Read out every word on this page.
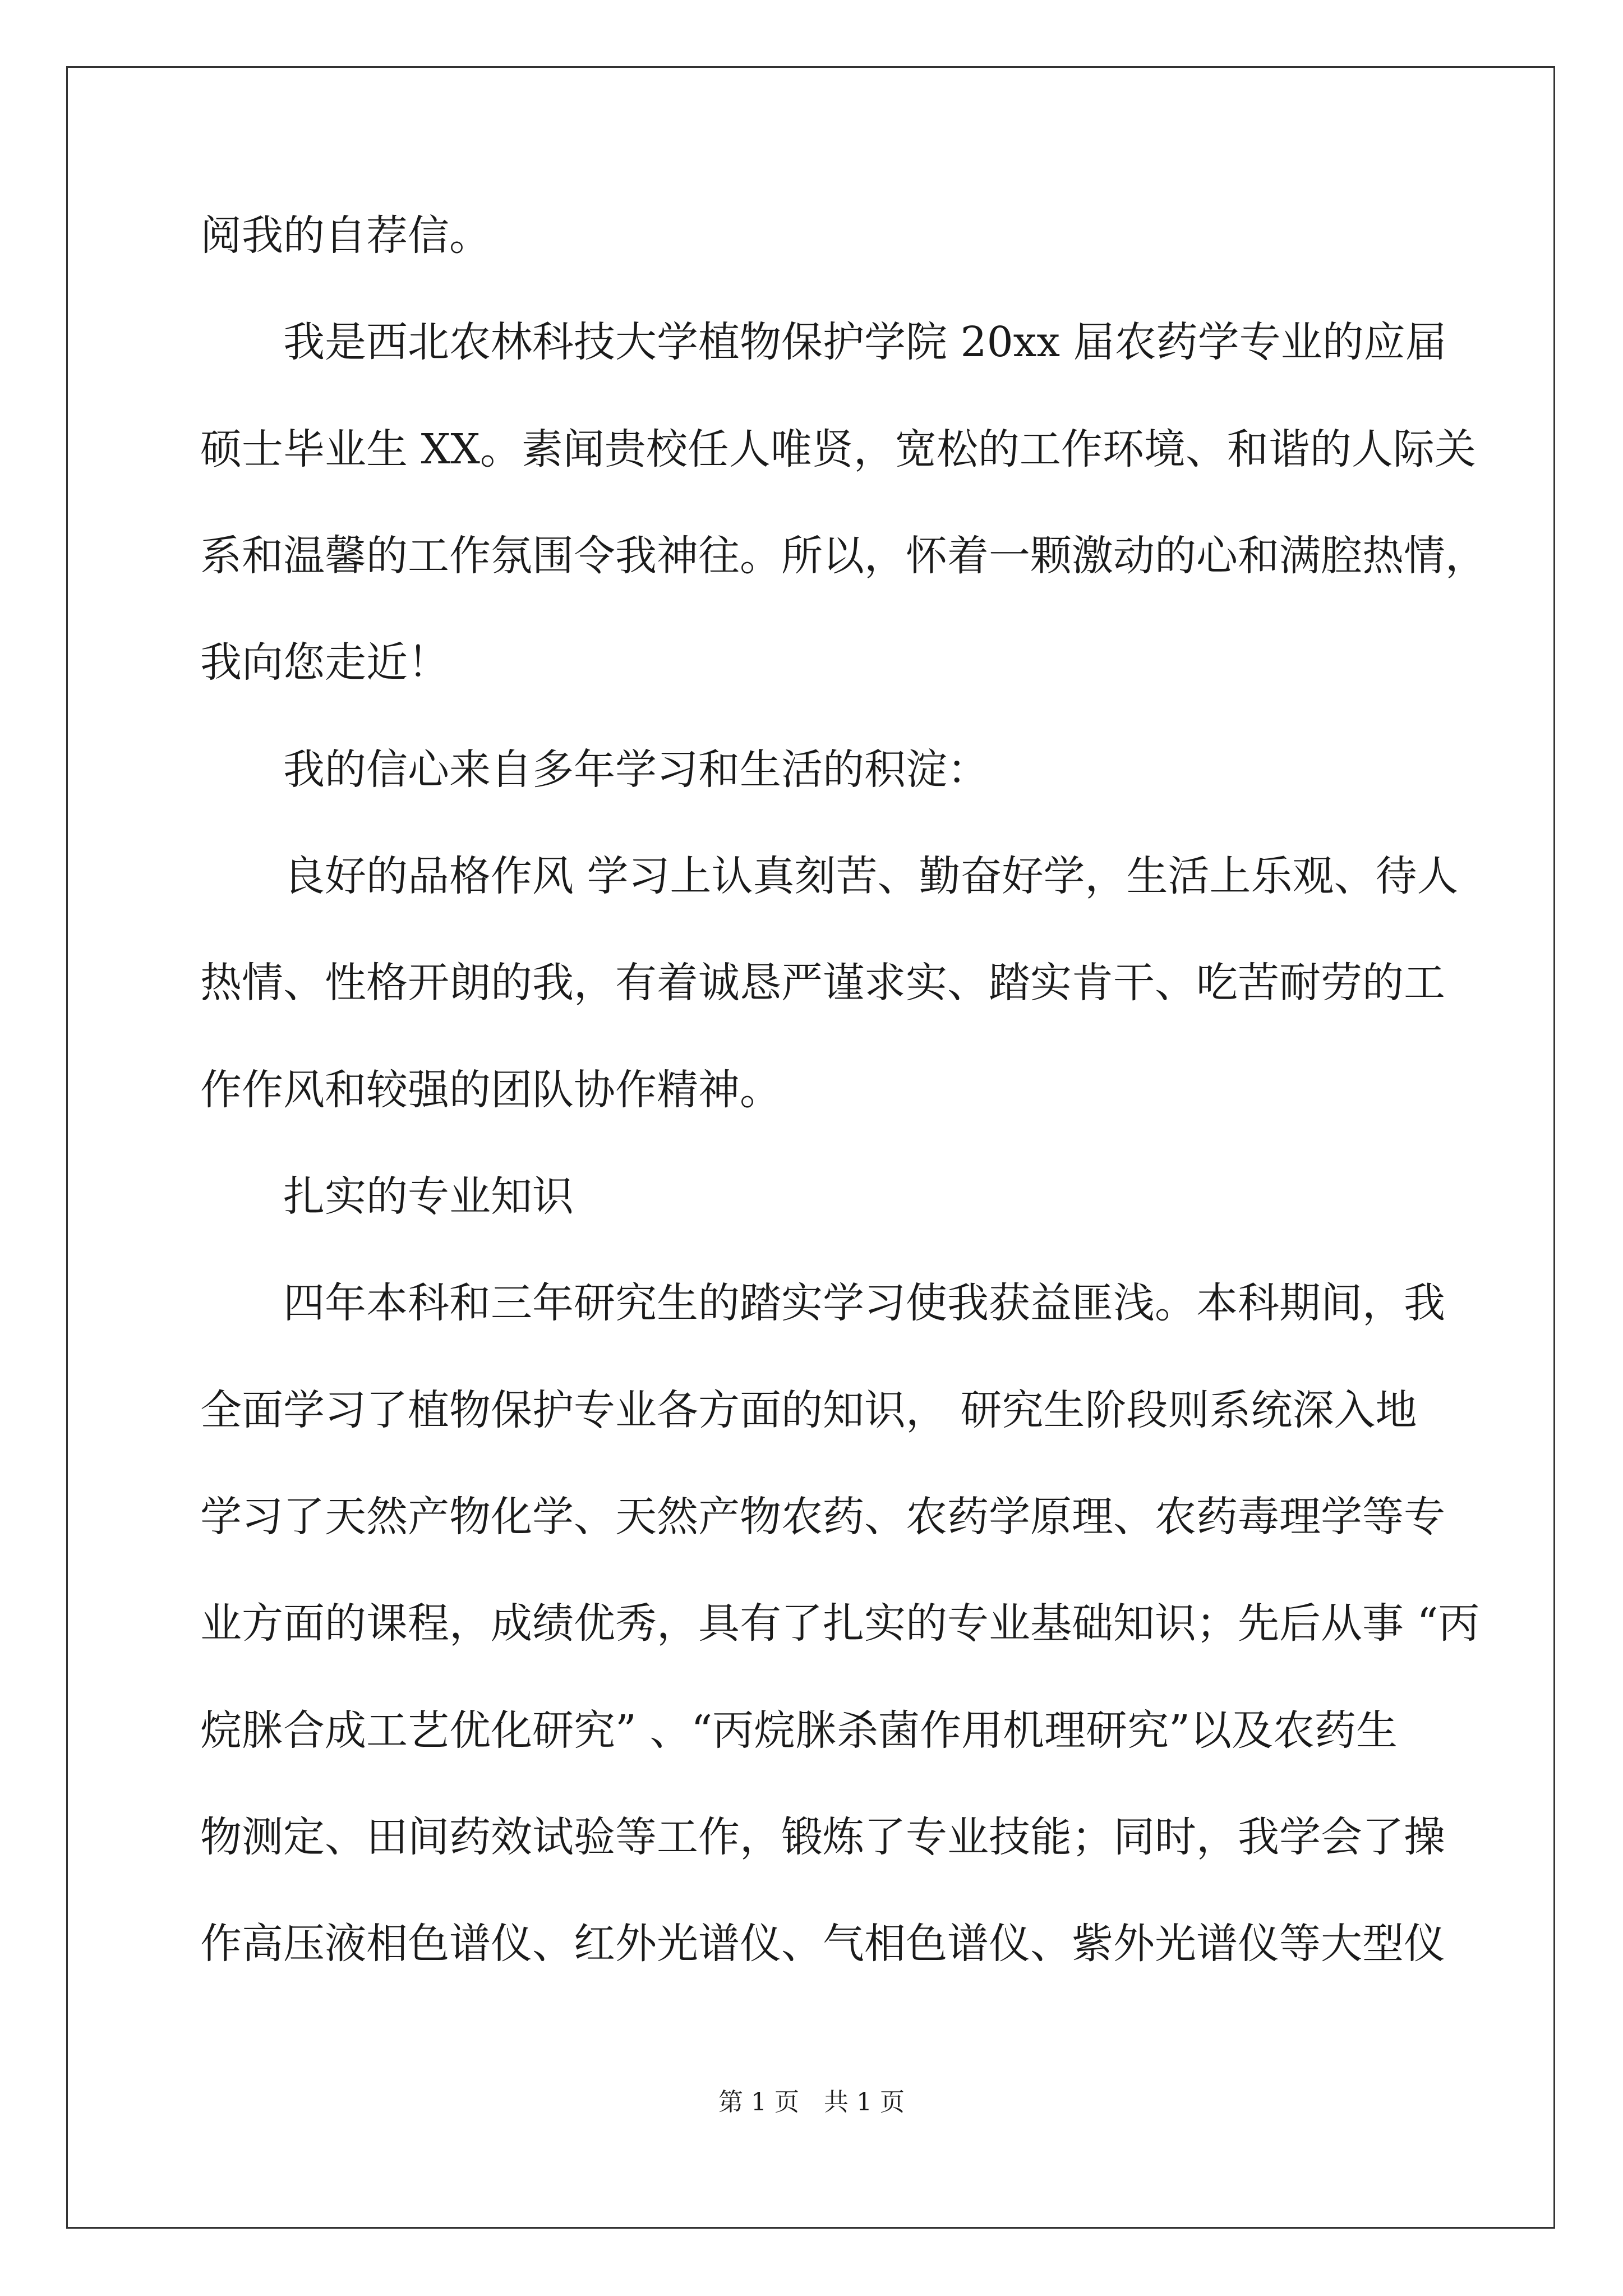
阅我的自荐信。
我是西北农林科技大学植物保护学院 20xx 届农药学专业的应届
硕士毕业生 XX。素闻贵校任人唯贤，宽松的工作环境、和谐的人际关
系和温馨的工作氛围令我神往。所以，怀着一颗激动的心和满腔热情，
我向您走近！
我的信心来自多年学习和生活的积淀：
良好的品格作风 学习上认真刻苦、勤奋好学，生活上乐观、待人
热情、性格开朗的我，有着诚恳严谨求实、踏实肯干、吃苦耐劳的工
作作风和较强的团队协作精神。
扎实的专业知识
四年本科和三年研究生的踏实学习使我获益匪浅。本科期间，我
全面学习了植物保护专业各方面的知识， 研究生阶段则系统深入地
学习了天然产物化学、天然产物农药、农药学原理、农药毒理学等专
业方面的课程，成绩优秀，具有了扎实的专业基础知识；先后从事 “丙
烷脒合成工艺优化研究” 、“丙烷脒杀菌作用机理研究”以及农药生
物测定、田间药效试验等工作，锻炼了专业技能；同时，我学会了操
作高压液相色谱仪、红外光谱仪、气相色谱仪、紫外光谱仪等大型仪
第 1 页　共 1 页
